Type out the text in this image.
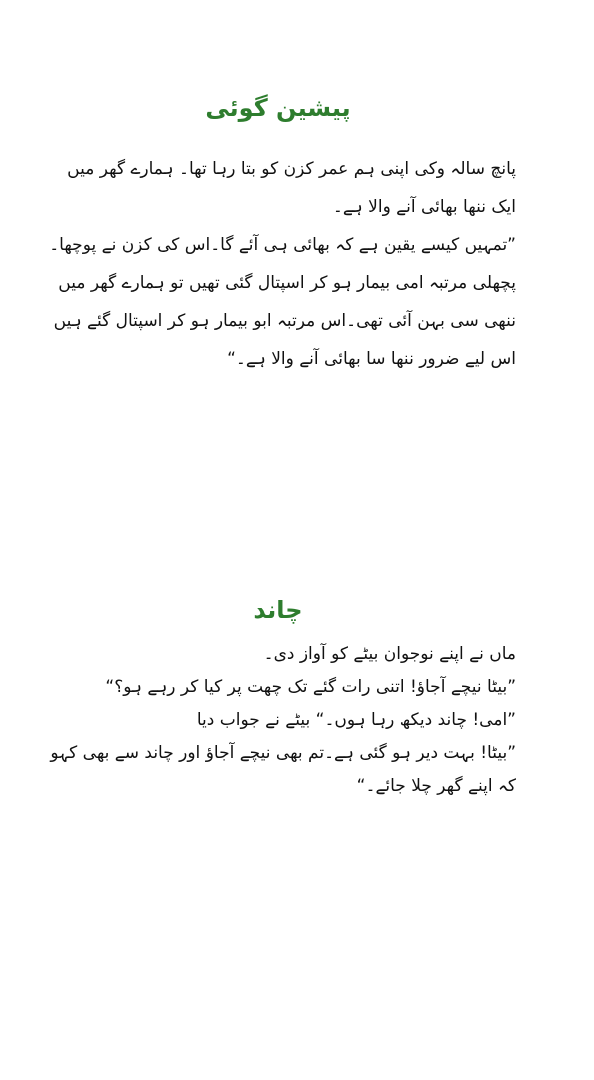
پیشین گوئی

پانچ سالہ وکی اپنی ہم عمر کزن کو بتا رہا تھا۔ ہمارے گھر میں ایک ننھا بھائی آنے والا ہے۔

”تمہیں کیسے یقین ہے کہ بھائی ہی آئے گا۔اس کی کزن نے پوچھا۔

پچھلی مرتبہ امی بیمار ہو کر اسپتال گئی تھیں تو ہمارے گھر میں ننھی سی بہن آئی تھی۔اس مرتبہ ابو بیمار ہو کر اسپتال گئے ہیں اس لیے ضرور ننھا سا بھائی آنے والا ہے۔“

چاند

ماں نے اپنے نوجوان بیٹے کو آواز دی۔

”بیٹا نیچے آجاؤ! اتنی رات گئے تک چھت پر کیا کر رہے ہو؟“

”امی! چاند دیکھ رہا ہوں۔“ بیٹے نے جواب دیا

”بیٹا! بہت دیر ہو گئی ہے۔تم بھی نیچے آجاؤ اور چاند سے بھی کہو کہ اپنے گھر چلا جائے۔“
